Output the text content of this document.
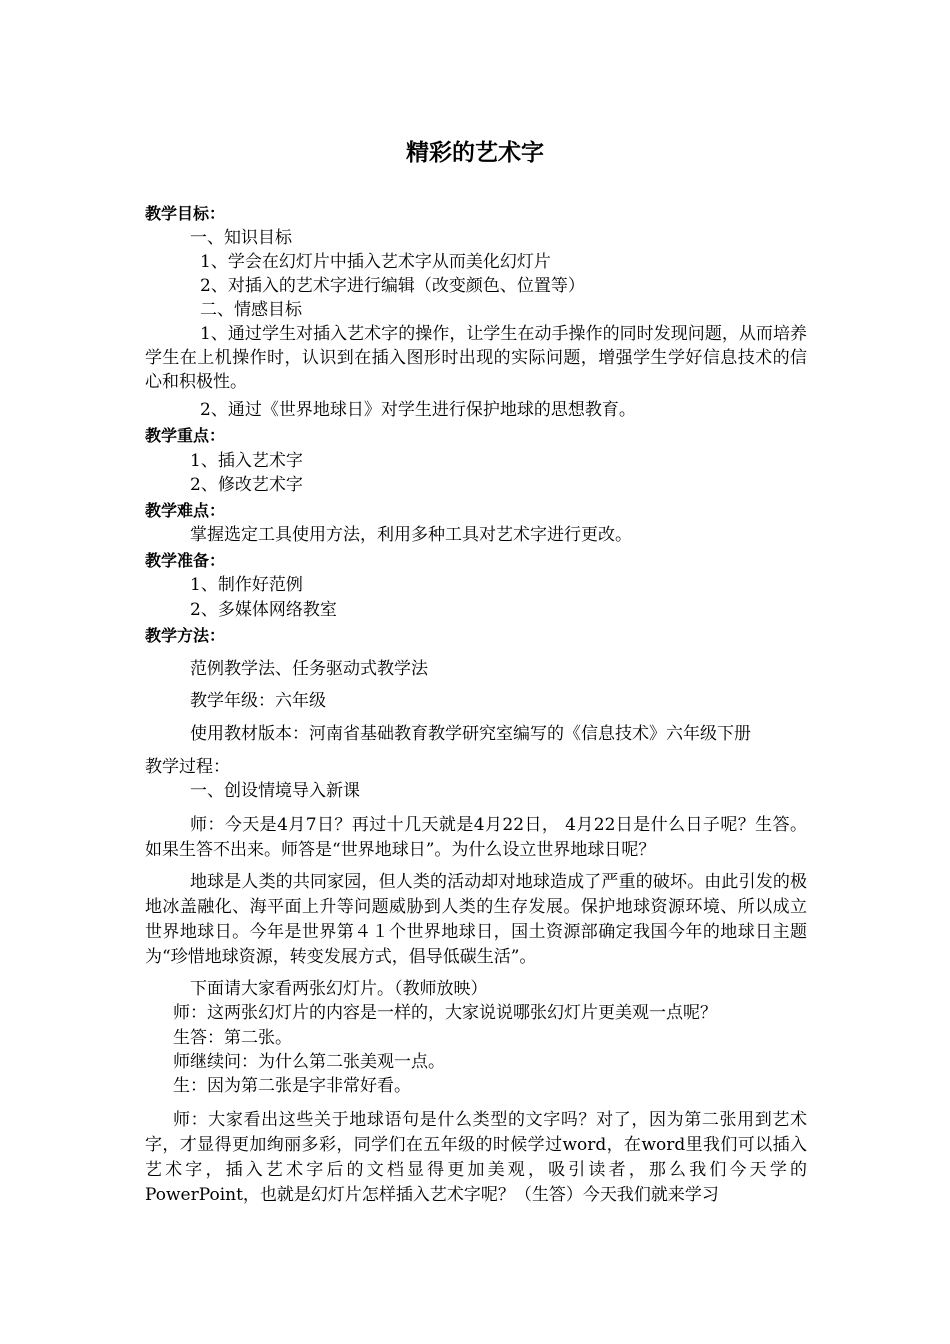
精彩的艺术字
教学目标：
一、知识目标
1、学会在幻灯片中插入艺术字从而美化幻灯片
2、对插入的艺术字进行编辑（改变颜色、位置等）
二、情感目标
1、通过学生对插入艺术字的操作，让学生在动手操作的同时发现问题，从而培养学生在上机操作时，认识到在插入图形时出现的实际问题，增强学生学好信息技术的信心和积极性。
2、通过《世界地球日》对学生进行保护地球的思想教育。
教学重点：
1、插入艺术字
2、修改艺术字
教学难点：
掌握选定工具使用方法，利用多种工具对艺术字进行更改。
教学准备：
1、制作好范例
2、多媒体网络教室
教学方法：
范例教学法、任务驱动式教学法
教学年级：六年级
使用教材版本：河南省基础教育教学研究室编写的《信息技术》六年级下册
教学过程：
一、创设情境导入新课
师：今天是4月7日？再过十几天就是4月22日， 4月22日是什么日子呢？生答。如果生答不出来。师答是“世界地球日”。为什么设立世界地球日呢？
地球是人类的共同家园，但人类的活动却对地球造成了严重的破坏。由此引发的极地冰盖融化、海平面上升等问题威胁到人类的生存发展。保护地球资源环境、所以成立世界地球日。今年是世界第４１个世界地球日，国土资源部确定我国今年的地球日主题为“珍惜地球资源，转变发展方式，倡导低碳生活”。
下面请大家看两张幻灯片。（教师放映）
师：这两张幻灯片的内容是一样的，大家说说哪张幻灯片更美观一点呢？
生答：第二张。
师继续问：为什么第二张美观一点。
生：因为第二张是字非常好看。
师：大家看出这些关于地球语句是什么类型的文字吗？对了，因为第二张用到艺术字，才显得更加绚丽多彩，同学们在五年级的时候学过word，在word里我们可以插入艺术字，插入艺术字后的文档显得更加美观，吸引读者，那么我们今天学的PowerPoint，也就是幻灯片怎样插入艺术字呢？（生答）今天我们就来学习
